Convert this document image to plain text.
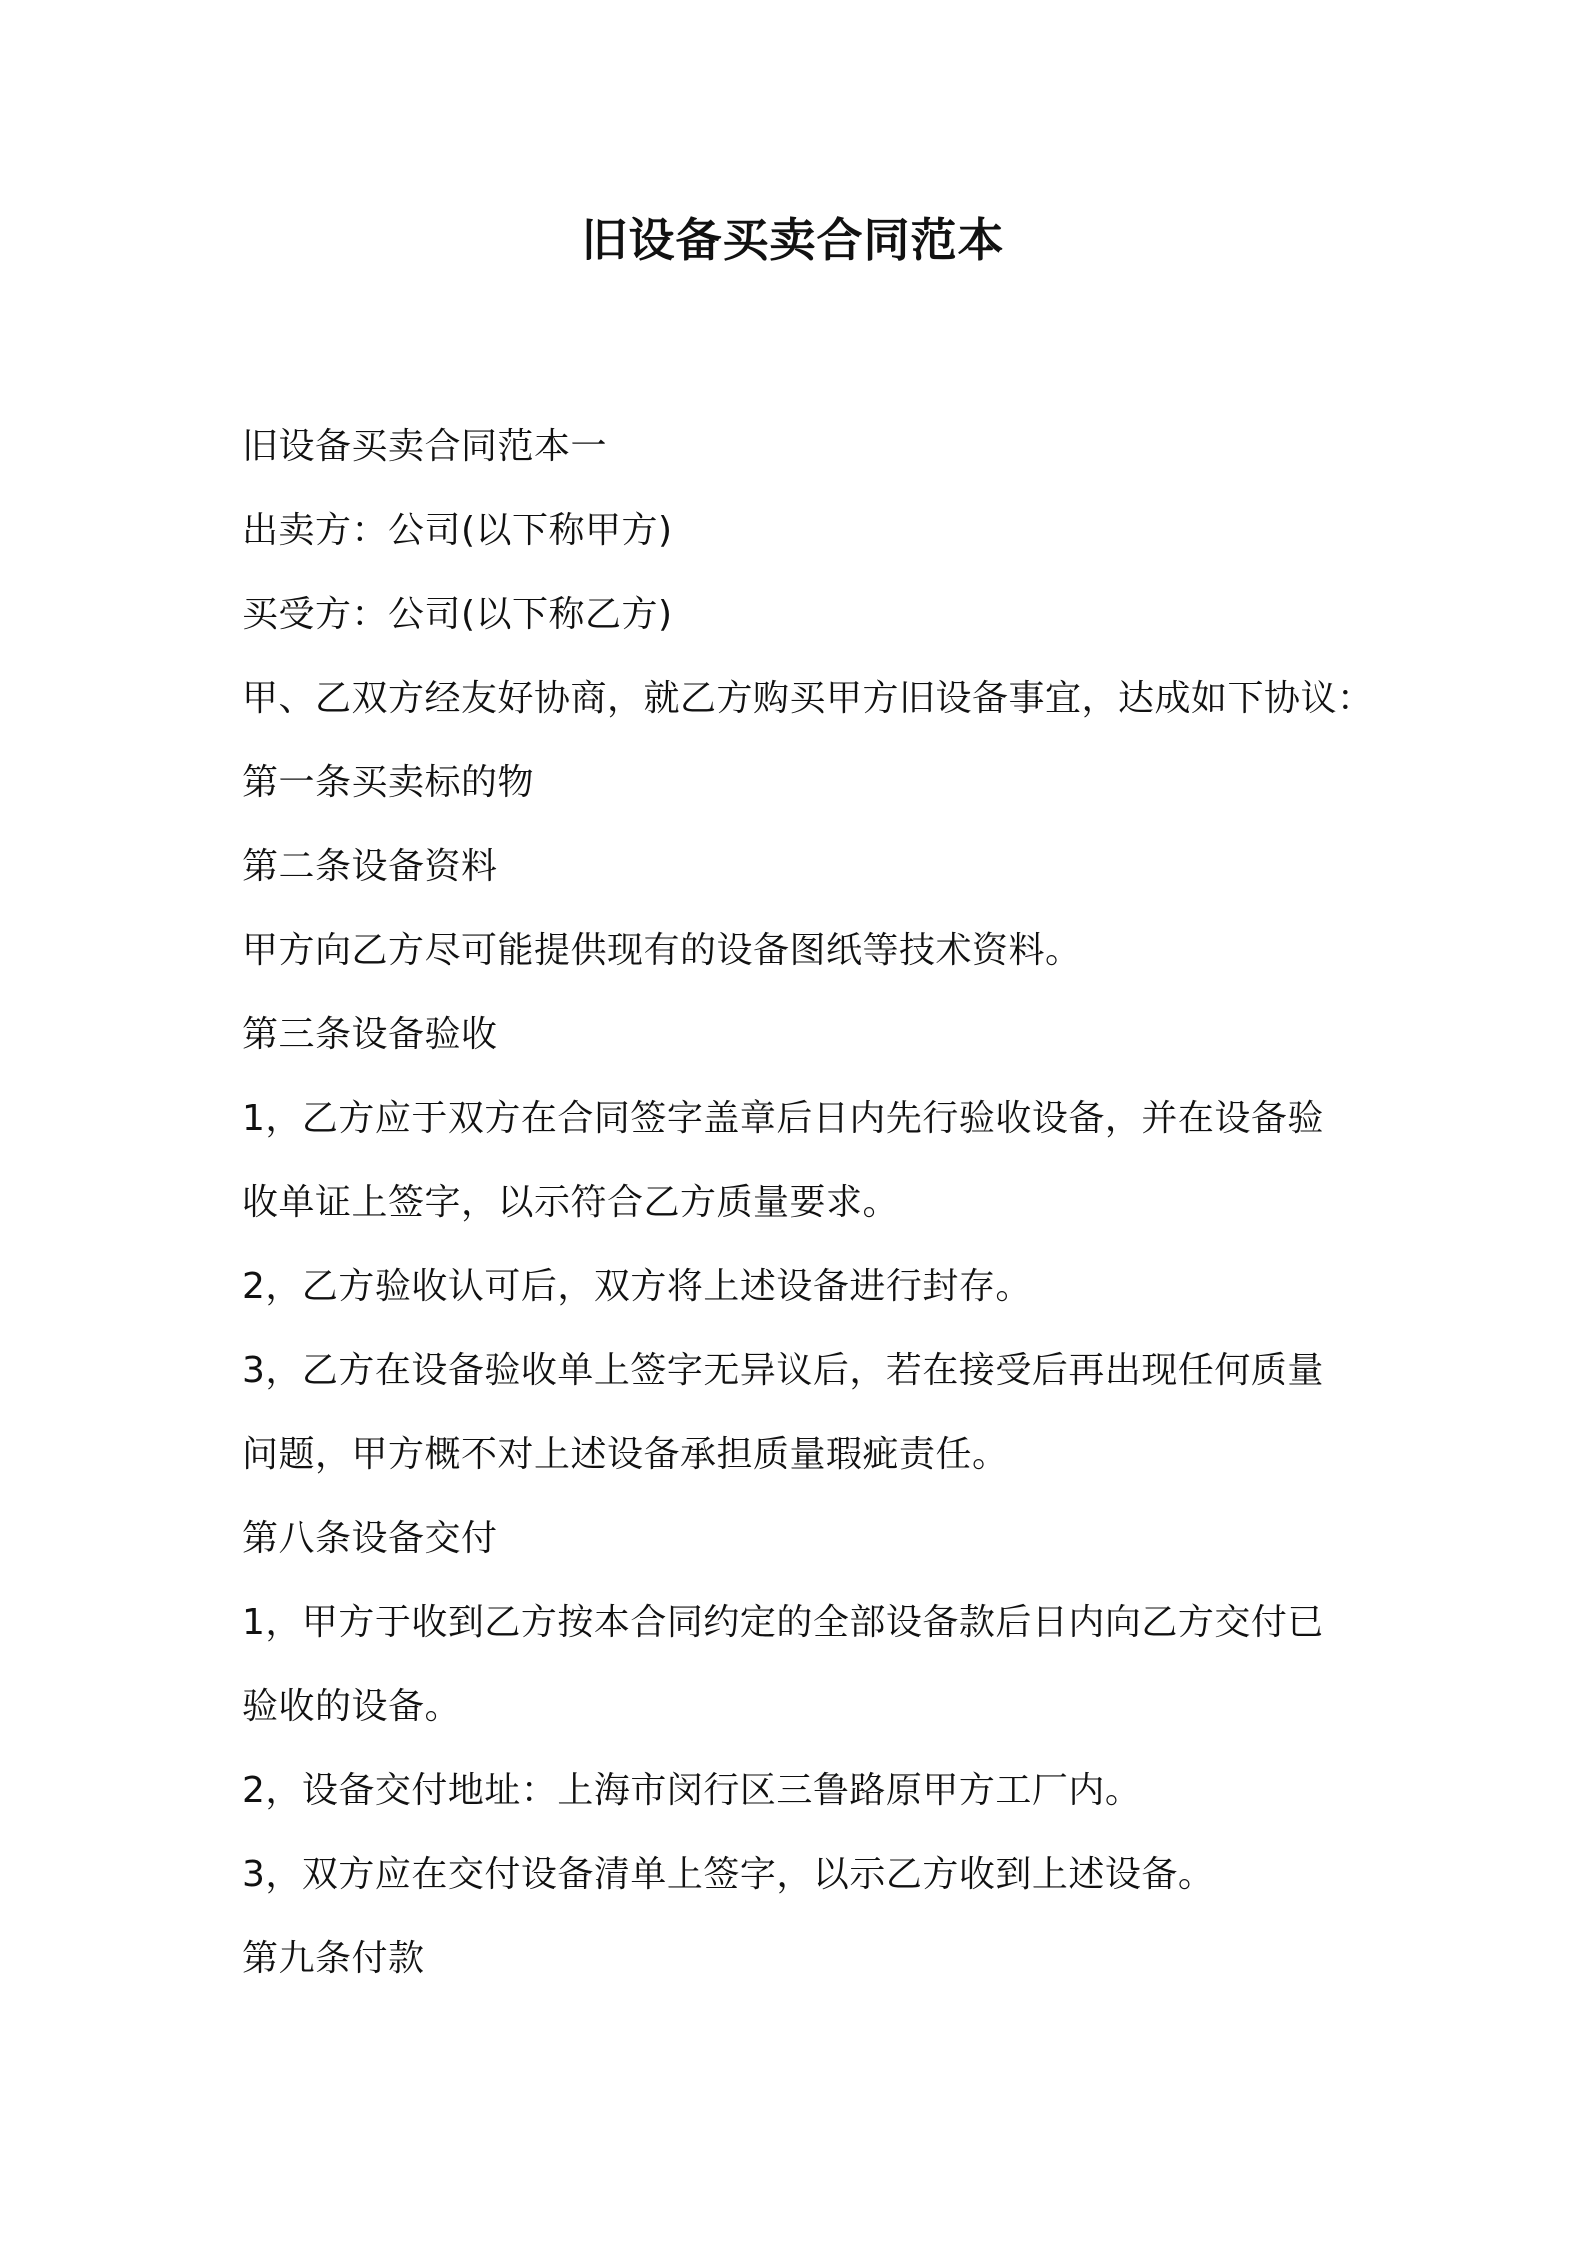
旧设备买卖合同范本
旧设备买卖合同范本一
出卖方：公司(以下称甲方)
买受方：公司(以下称乙方)
甲、乙双方经友好协商，就乙方购买甲方旧设备事宜，达成如下协议：
第一条买卖标的物
第二条设备资料
甲方向乙方尽可能提供现有的设备图纸等技术资料。
第三条设备验收
1，乙方应于双方在合同签字盖章后日内先行验收设备，并在设备验
收单证上签字，以示符合乙方质量要求。
2，乙方验收认可后，双方将上述设备进行封存。
3，乙方在设备验收单上签字无异议后，若在接受后再出现任何质量
问题，甲方概不对上述设备承担质量瑕疵责任。
第八条设备交付
1，甲方于收到乙方按本合同约定的全部设备款后日内向乙方交付已
验收的设备。
2，设备交付地址：上海市闵行区三鲁路原甲方工厂内。
3，双方应在交付设备清单上签字，以示乙方收到上述设备。
第九条付款
